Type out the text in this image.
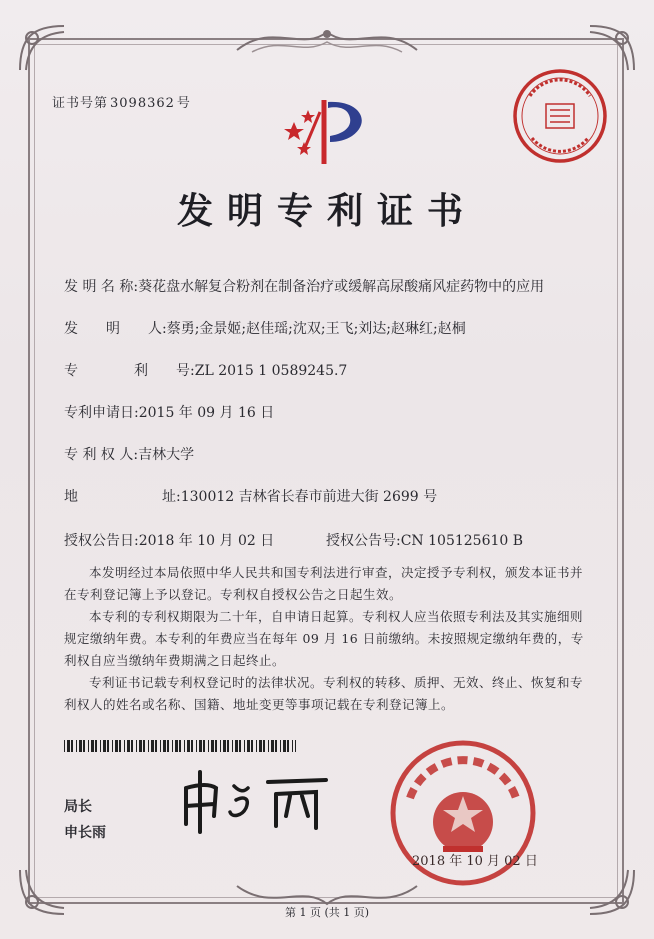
证书号第 3098362 号
发明专利证书
发 明 名 称:葵花盘水解复合粉剂在制备治疗或缓解高尿酸痛风症药物中的应用
发　　明　　人:蔡勇;金景姬;赵佳瑶;沈双;王飞;刘达;赵琳红;赵桐
专　　　　利　　号:ZL 2015 1 0589245.7
专利申请日:2015 年 09 月 16 日
专 利 权 人:吉林大学
地　　　　　　址:130012 吉林省长春市前进大街 2699 号
授权公告日:2018 年 10 月 02 日	授权公告号:CN 105125610 B

本发明经过本局依照中华人民共和国专利法进行审查，决定授予专利权，颁发本证书并在专利登记簿上予以登记。专利权自授权公告之日起生效。

本专利的专利权期限为二十年，自申请日起算。专利权人应当依照专利法及其实施细则规定缴纳年费。本专利的年费应当在每年 09 月 16 日前缴纳。未按照规定缴纳年费的，专利权自应当缴纳年费期满之日起终止。

专利证书记载专利权登记时的法律状况。专利权的转移、质押、无效、终止、恢复和专利权人的姓名或名称、国籍、地址变更等事项记载在专利登记簿上。

局长
申长雨
2018 年 10 月 02 日
第 1 页 (共 1 页)
